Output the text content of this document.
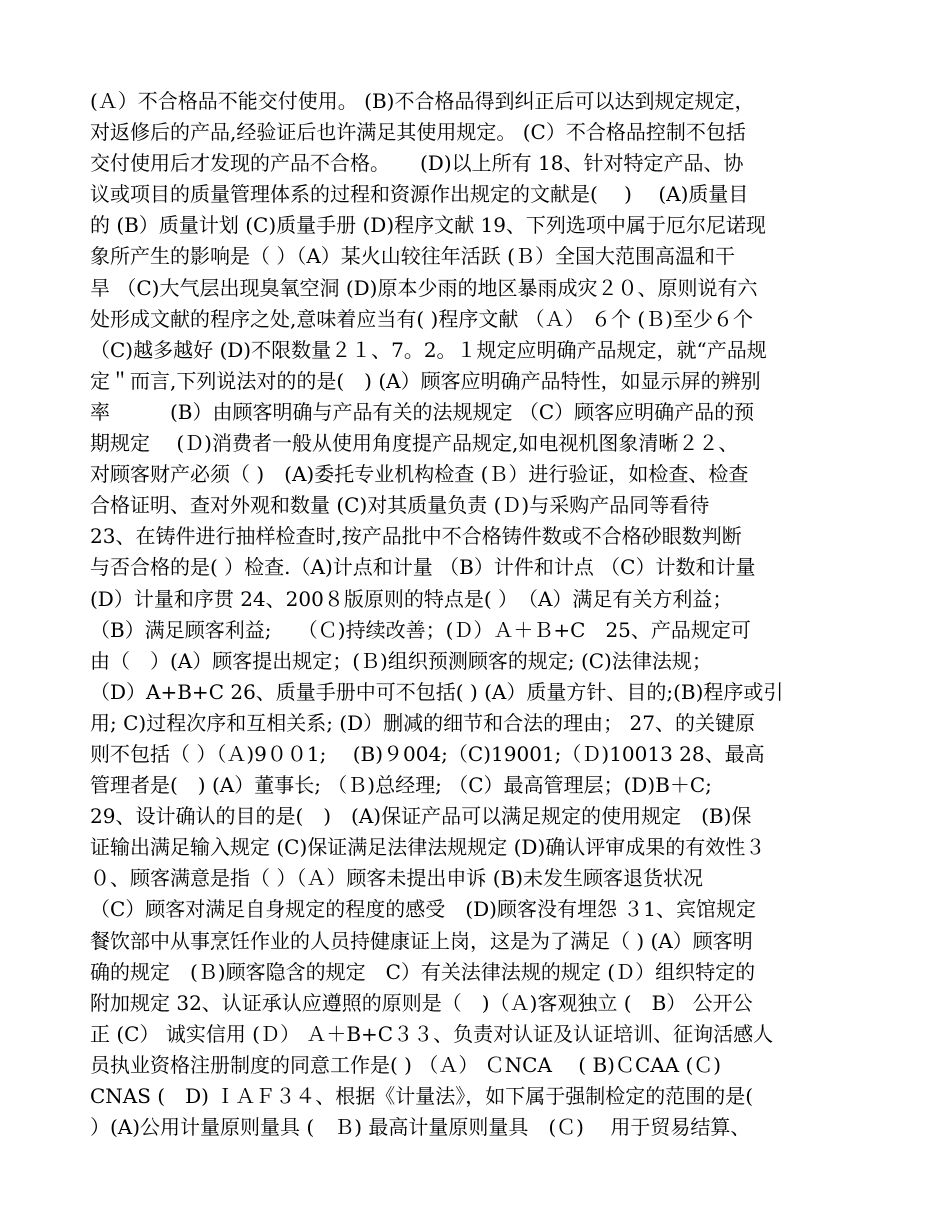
(Ａ）不合格品不能交付使用。 (B)不合格品得到纠正后可以达到规定规定，
对返修后的产品,经验证后也许满足其使用规定。 (C）不合格品控制不包括
交付使用后才发现的产品不合格。　　(D)以上所有 18、针对特定产品、协
议或项目的质量管理体系的过程和资源作出规定的文献是(　 )　 (A)质量目
的 (B）质量计划 (C)质量手册 (D)程序文献 19、下列选项中属于厄尔尼诺现
象所产生的影响是（ ）（A）某火山较往年活跃 (Ｂ）全国大范围高温和干
旱 （C)大气层出现臭氧空洞 (D)原本少雨的地区暴雨成灾２０、原则说有六
处形成文献的程序之处,意味着应当有( )程序文献 （Ａ） ６个 (Ｂ)至少６个
（C)越多越好 (D)不限数量２１、7。2。１规定应明确产品规定，就“产品规
定＂而言,下列说法对的的是(　) (A）顾客应明确产品特性，如显示屏的辨别
率　　　(B）由顾客明确与产品有关的法规规定 （C）顾客应明确产品的预
期规定　 (Ｄ)消费者一般从使用角度提产品规定,如电视机图象清晰２２、
对顾客财产必须（ )　(A)委托专业机构检查 (Ｂ）进行验证，如检查、检查
合格证明、查对外观和数量 (C)对其质量负责 (Ｄ)与采购产品同等看待
23、在铸件进行抽样检查时,按产品批中不合格铸件数或不合格砂眼数判断
与否合格的是( ）检查.（A)计点和计量 （B）计件和计点 （C）计数和计量
(D）计量和序贯 24、200８版原则的特点是( ）　（A）满足有关方利益；
（B）满足顾客利益;　 （Ｃ)持续改善；(Ｄ）Ａ＋Ｂ+C　25、产品规定可
由（　）(A）顾客提出规定；(Ｂ)组织预测顾客的规定; (C)法律法规；
（D）A+B+C 26、质量手册中可不包括( ) (A）质量方针、目的;(B)程序或引
用; C)过程次序和互相关系; (D）删减的细节和合法的理由； 27、的关键原
则不包括（ ）（Ａ)9００1;　 (B)９004;（C)19001;（Ｄ)10013 28、最高
管理者是(　) (A）董事长; （Ｂ)总经理; （C）最高管理层；(D)B＋C;
29、设计确认的目的是(　)　(A)保证产品可以满足规定的使用规定　(B)保
证输出满足输入规定 (C)保证满足法律法规规定 (D)确认评审成果的有效性３
０、顾客满意是指（ ）（Ａ）顾客未提出申诉 (B)未发生顾客退货状况
（C）顾客对满足自身规定的程度的感受　(D)顾客没有埋怨 ３1、宾馆规定
餐饮部中从事烹饪作业的人员持健康证上岗，这是为了满足（ ) (A）顾客明
确的规定　(Ｂ)顾客隐含的规定　C）有关法律法规的规定 (Ｄ）组织特定的
附加规定 32、认证承认应遵照的原则是（　)（Ａ)客观独立 (　B） 公开公
正 (C） 诚实信用 (Ｄ） Ａ＋B+C３３、负责对认证及认证培训、征询活感人
员执业资格注册制度的同意工作是( ) （Ａ） ＣNCA　 ( B)ＣCAA (Ｃ)
CNAS (　D) ＩＡＦ３４、根据《计量法》，如下属于强制检定的范围的是(
）(A)公用计量原则量具 (　Ｂ) 最高计量原则量具　(Ｃ)　 用于贸易结算、
